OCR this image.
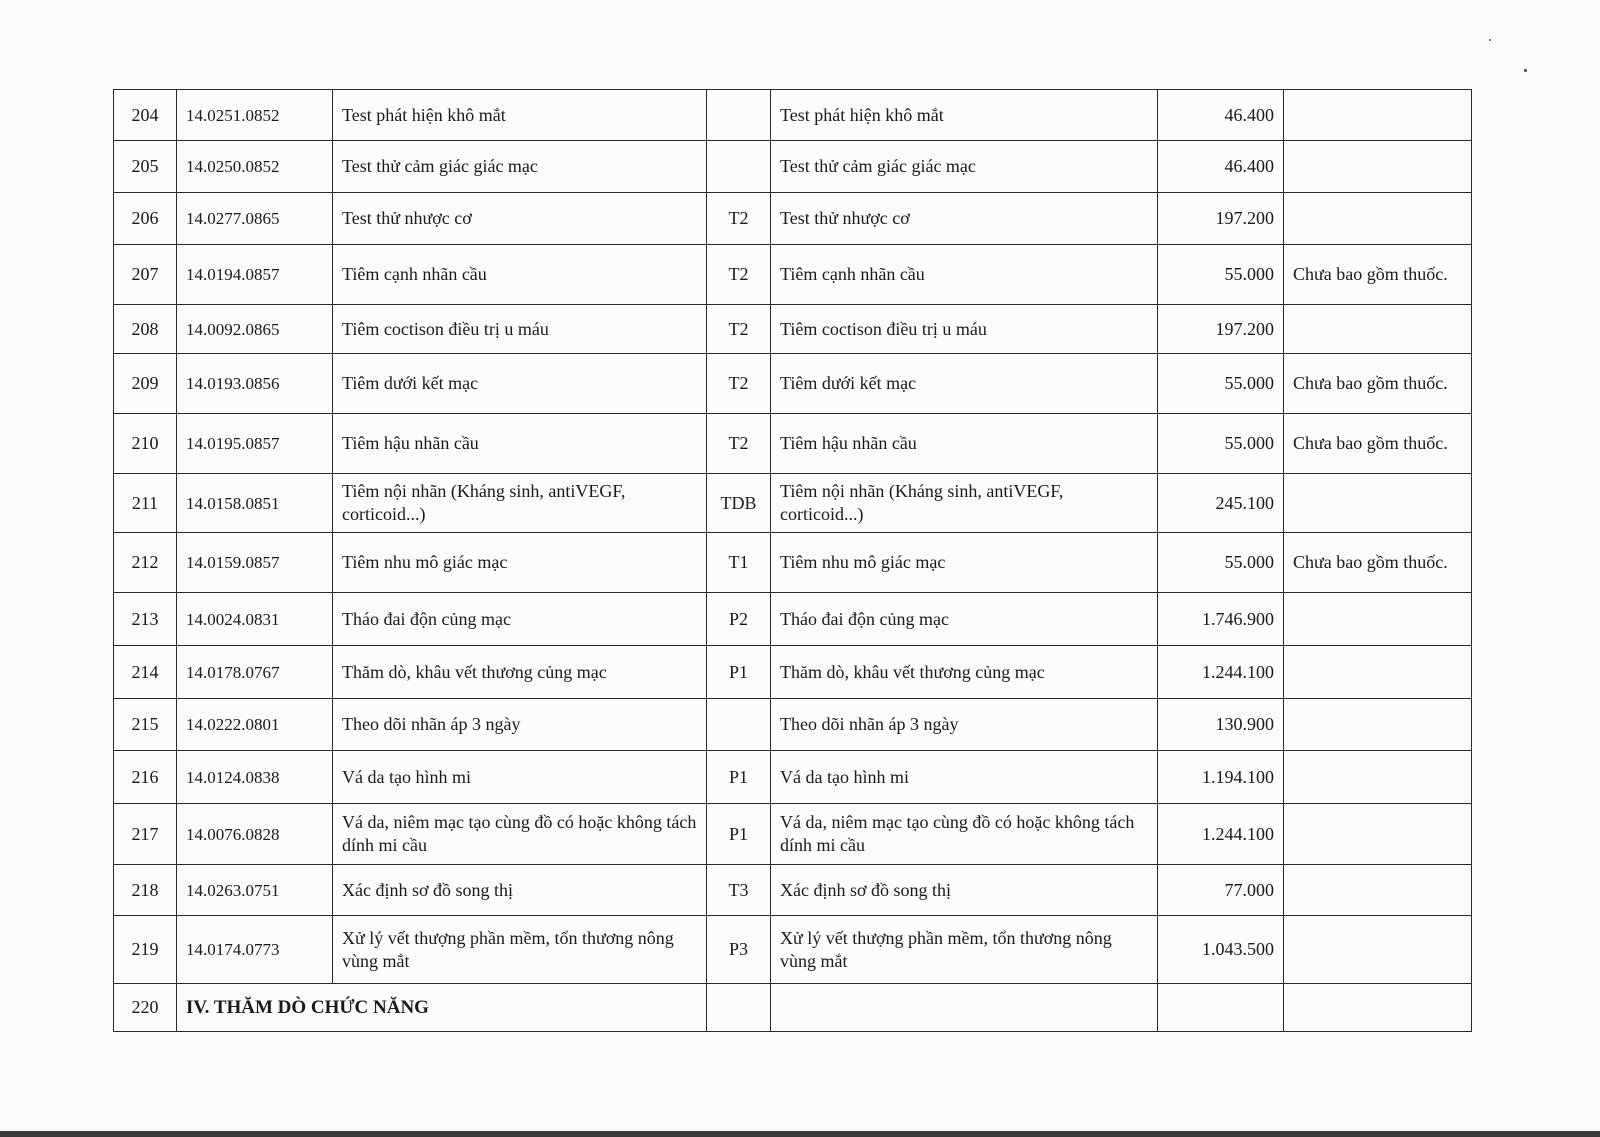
204	14.0251.0852	Test phát hiện khô mắt		Test phát hiện khô mắt	46.400	
205	14.0250.0852	Test thử cảm giác giác mạc		Test thử cảm giác giác mạc	46.400	
206	14.0277.0865	Test thử nhược cơ	T2	Test thử nhược cơ	197.200	
207	14.0194.0857	Tiêm cạnh nhãn cầu	T2	Tiêm cạnh nhãn cầu	55.000	Chưa bao gồm thuốc.
208	14.0092.0865	Tiêm coctison điều trị u máu	T2	Tiêm coctison điều trị u máu	197.200	
209	14.0193.0856	Tiêm dưới kết mạc	T2	Tiêm dưới kết mạc	55.000	Chưa bao gồm thuốc.
210	14.0195.0857	Tiêm hậu nhãn cầu	T2	Tiêm hậu nhãn cầu	55.000	Chưa bao gồm thuốc.
211	14.0158.0851	Tiêm nội nhãn (Kháng sinh, antiVEGF, corticoid...)	TDB	Tiêm nội nhãn (Kháng sinh, antiVEGF, corticoid...)	245.100	
212	14.0159.0857	Tiêm nhu mô giác mạc	T1	Tiêm nhu mô giác mạc	55.000	Chưa bao gồm thuốc.
213	14.0024.0831	Tháo đai độn củng mạc	P2	Tháo đai độn củng mạc	1.746.900	
214	14.0178.0767	Thăm dò, khâu vết thương củng mạc	P1	Thăm dò, khâu vết thương củng mạc	1.244.100	
215	14.0222.0801	Theo dõi nhãn áp 3 ngày		Theo dõi nhãn áp 3 ngày	130.900	
216	14.0124.0838	Vá da tạo hình mi	P1	Vá da tạo hình mi	1.194.100	
217	14.0076.0828	Vá da, niêm mạc tạo cùng đồ có hoặc không tách dính mi cầu	P1	Vá da, niêm mạc tạo cùng đồ có hoặc không tách dính mi cầu	1.244.100	
218	14.0263.0751	Xác định sơ đồ song thị	T3	Xác định sơ đồ song thị	77.000	
219	14.0174.0773	Xử lý vết thượng phần mềm, tổn thương nông vùng mắt	P3	Xử lý vết thượng phần mềm, tổn thương nông vùng mắt	1.043.500	
220	IV. THĂM DÒ CHỨC NĂNG					
